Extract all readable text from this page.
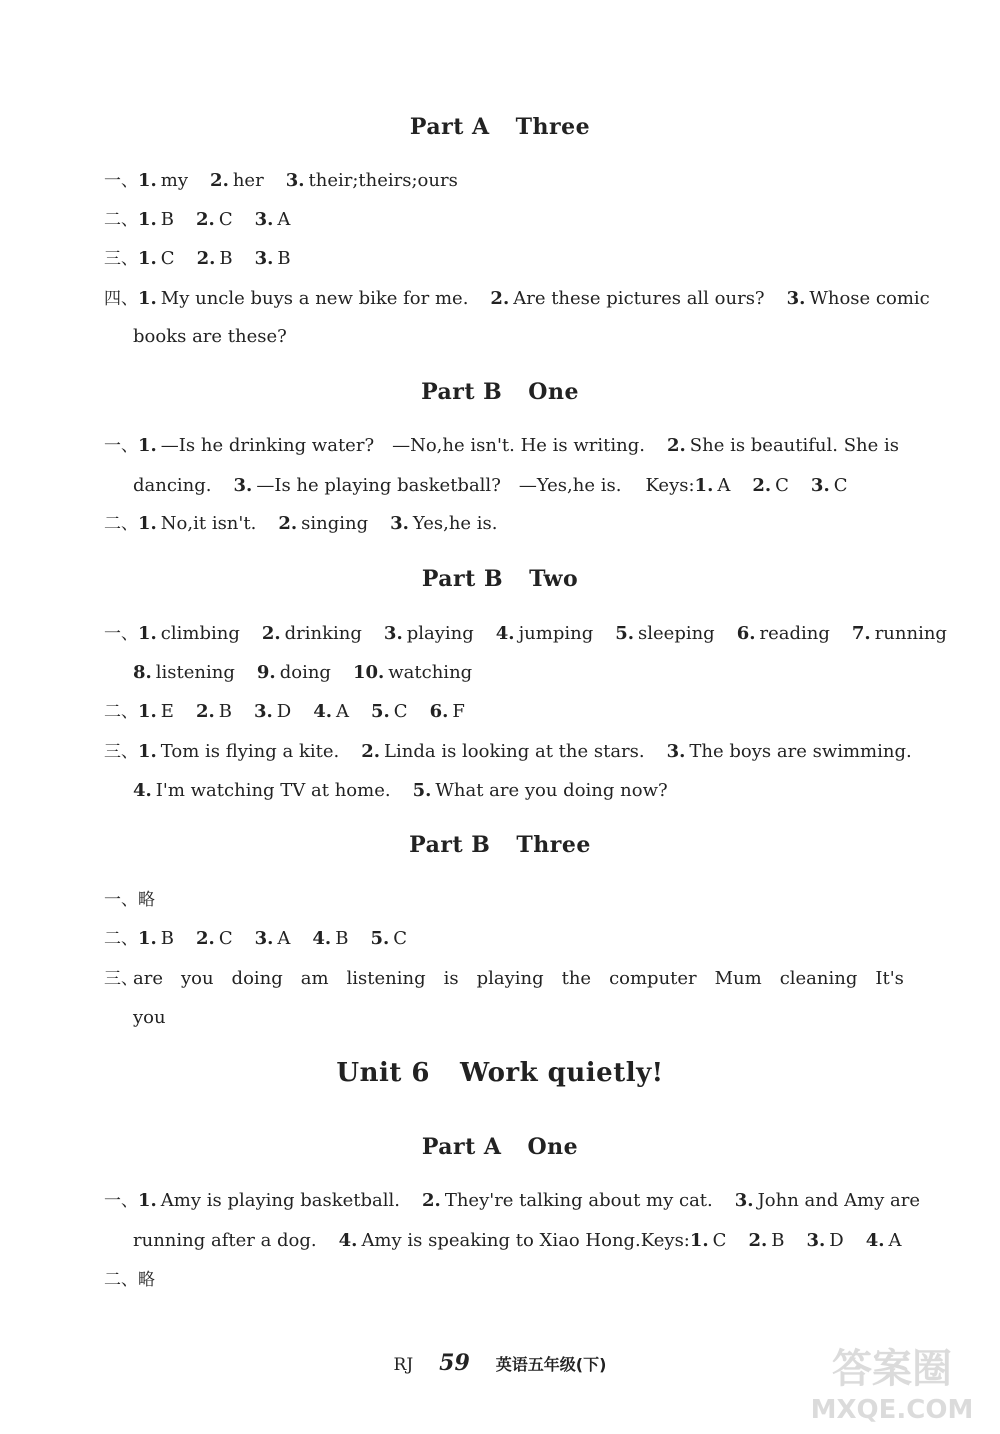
Part A Three
一、1. my 2. her 3. their;theirs;ours
二、1. B 2. C 3. A
三、1. C 2. B 3. B
四、1. My uncle buys a new bike for me. 2. Are these pictures all ours? 3. Whose comic
books are these?
Part B One
一、1. —Is he drinking water?　—No,he isn't. He is writing. 2. She is beautiful. She is
dancing. 3. —Is he playing basketball?　—Yes,he is. Keys:1. A 2. C 3. C
二、1. No,it isn't. 2. singing 3. Yes,he is.
Part B Two
一、1. climbing 2. drinking 3. playing 4. jumping 5. sleeping 6. reading 7. running
8. listening 9. doing 10. watching
二、1. E 2. B 3. D 4. A 5. C 6. F
三、1. Tom is flying a kite. 2. Linda is looking at the stars. 3. The boys are swimming.
4. I'm watching TV at home. 5. What are you doing now?
Part B Three
一、略
二、1. B 2. C 3. A 4. B 5. C
三、
are you doing am listening is playing the computer Mum cleaning It's
you
Unit 6 Work quietly!
Part A One
一、1. Amy is playing basketball. 2. They're talking about my cat. 3. John and Amy are
running after a dog. 4. Amy is speaking to Xiao Hong.Keys:1. C 2. B 3. D 4. A
二、略
RJ 59 英语五年级(下)	答案圈
MXQE.COM
